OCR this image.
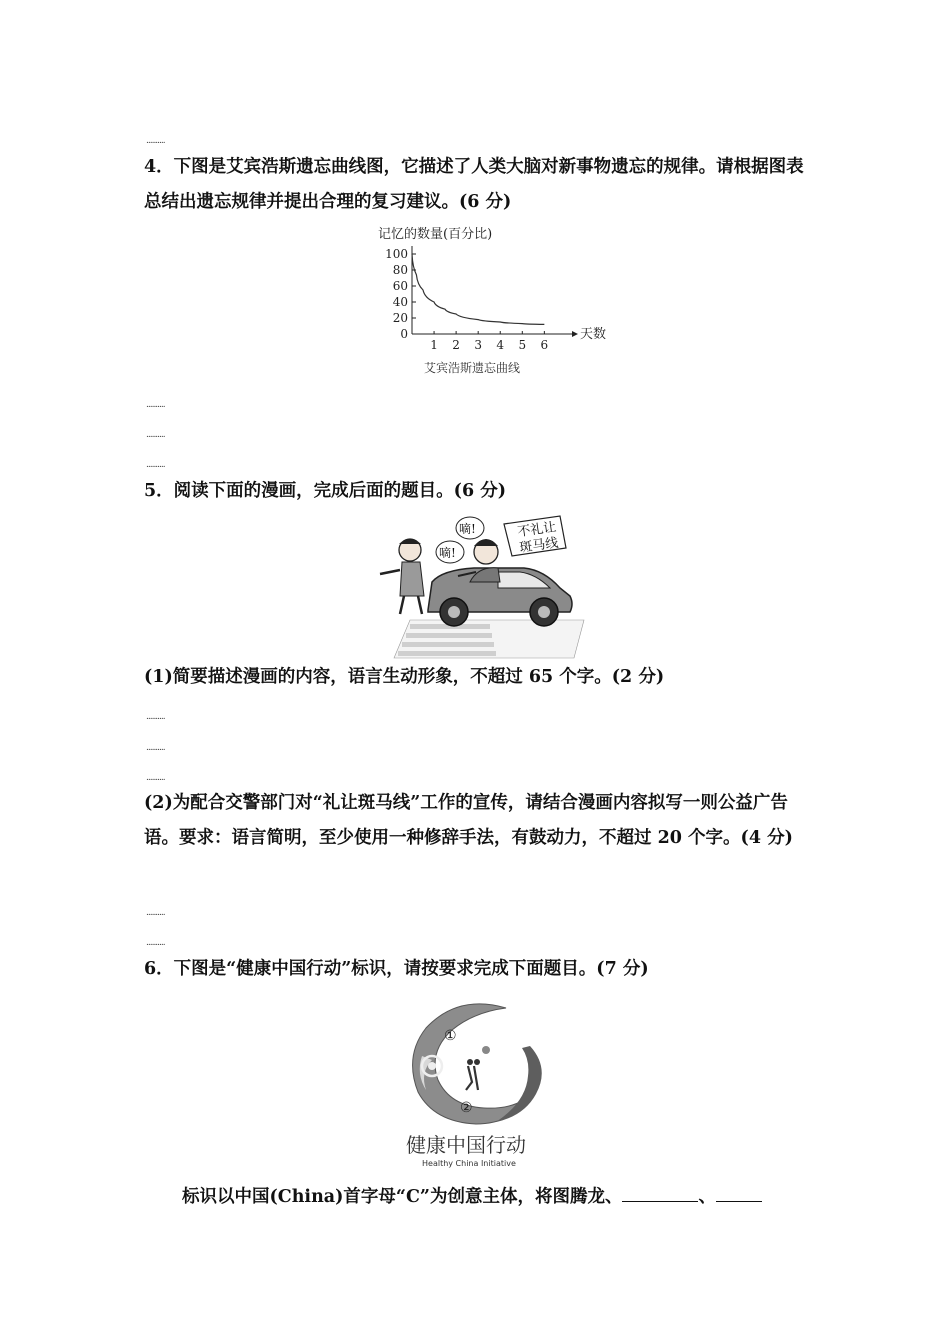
..........
4．下图是艾宾浩斯遗忘曲线图，它描述了人类大脑对新事物遗忘的规律。请根据图表总结出遗忘规律并提出合理的复习建议。(6 分)
记忆的数量(百分比)
天数
艾宾浩斯遗忘曲线
0
20
40
60
80
100
1 2 3 4 5 6
..........
..........
..........
5．阅读下面的漫画，完成后面的题目。(6 分)
嘀!
嘀!
不礼让
斑马线
(1)简要描述漫画的内容，语言生动形象，不超过 65 个字。(2 分)
..........
..........
..........
(2)为配合交警部门对“礼让斑马线”工作的宣传，请结合漫画内容拟写一则公益广告语。要求：语言简明，至少使用一种修辞手法，有鼓动力，不超过 20 个字。(4 分)
..........
..........
6．下图是“健康中国行动”标识，请按要求完成下面题目。(7 分)
①
②
健康中国行动
Healthy China Initiative
标识以中国(China)首字母“C”为创意主体，将图腾龙、	、
